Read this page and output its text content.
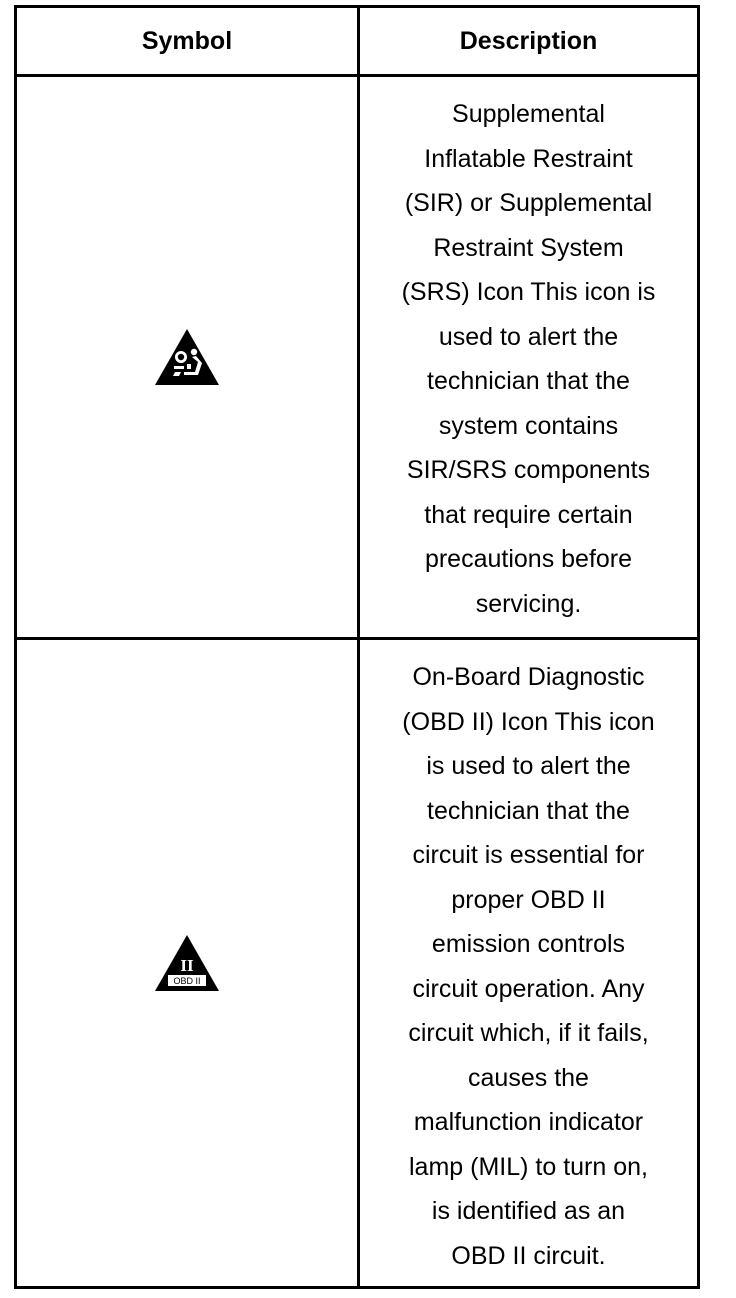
Symbol	Description
Supplemental
Inflatable Restraint
(SIR) or Supplemental
Restraint System
(SRS) Icon This icon is
used to alert the
technician that the
system contains
SIR/SRS components
that require certain
precautions before
servicing.
II
OBD II
On-Board Diagnostic
(OBD II) Icon This icon
is used to alert the
technician that the
circuit is essential for
proper OBD II
emission controls
circuit operation. Any
circuit which, if it fails,
causes the
malfunction indicator
lamp (MIL) to turn on,
is identified as an
OBD II circuit.
